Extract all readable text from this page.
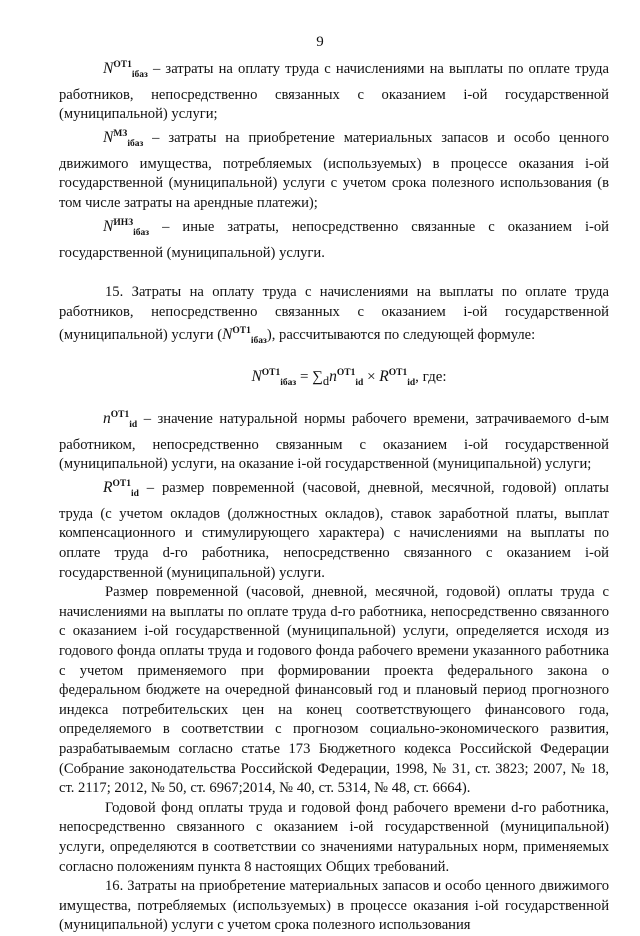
9

$N^{ОТ1}_{iбаз}$ – затраты на оплату труда с начислениями на выплаты по оплате труда работников, непосредственно связанных с оказанием i-ой государственной (муниципальной) услуги;

$N^{МЗ}_{iбаз}$ – затраты на приобретение материальных запасов и особо ценного движимого имущества, потребляемых (используемых) в процессе оказания i-ой государственной (муниципальной) услуги с учетом срока полезного использования (в том числе затраты на арендные платежи);

$N^{ИНЗ}_{iбаз}$ – иные затраты, непосредственно связанные с оказанием i-ой государственной (муниципальной) услуги.

15. Затраты на оплату труда с начислениями на выплаты по оплате труда работников, непосредственно связанных с оказанием i-ой государственной (муниципальной) услуги $(N^{ОТ1}_{iбаз})$, рассчитываются по следующей формуле:

$N^{ОТ1}_{iбаз} = \sum_dn^{ОТ1}_{id} \times R^{ОТ1}_{id}$, где:

$n^{ОТ1}_{id}$ – значение натуральной нормы рабочего времени, затрачиваемого d-ым работником, непосредственно связанным с оказанием i-ой государственной (муниципальной) услуги, на оказание i-ой государственной (муниципальной) услуги;

$R^{ОТ1}_{id}$ – размер повременной (часовой, дневной, месячной, годовой) оплаты труда (с учетом окладов (должностных окладов), ставок заработной платы, выплат компенсационного и стимулирующего характера) с начислениями на выплаты по оплате труда d-го работника, непосредственно связанного с оказанием i-ой государственной (муниципальной) услуги.

Размер повременной (часовой, дневной, месячной, годовой) оплаты труда с начислениями на выплаты по оплате труда d-го работника, непосредственно связанного с оказанием i-ой государственной (муниципальной) услуги, определяется исходя из годового фонда оплаты труда и годового фонда рабочего времени указанного работника с учетом применяемого при формировании проекта федерального закона о федеральном бюджете на очередной финансовый год и плановый период прогнозного индекса потребительских цен на конец соответствующего финансового года, определяемого в соответствии с прогнозом социально-экономического развития, разрабатываемым согласно статье 173 Бюджетного кодекса Российской Федерации (Собрание законодательства Российской Федерации, 1998, № 31, ст. 3823; 2007, № 18, ст. 2117; 2012, № 50, ст. 6967;2014, № 40, ст. 5314, № 48, ст. 6664).

Годовой фонд оплаты труда и годовой фонд рабочего времени d-го работника, непосредственно связанного с оказанием i-ой государственной (муниципальной) услуги, определяются в соответствии со значениями натуральных норм, применяемых согласно положениям пункта 8 настоящих Общих требований.

16. Затраты на приобретение материальных запасов и особо ценного движимого имущества, потребляемых (используемых) в процессе оказания i-ой государственной (муниципальной) услуги с учетом срока полезного использования
